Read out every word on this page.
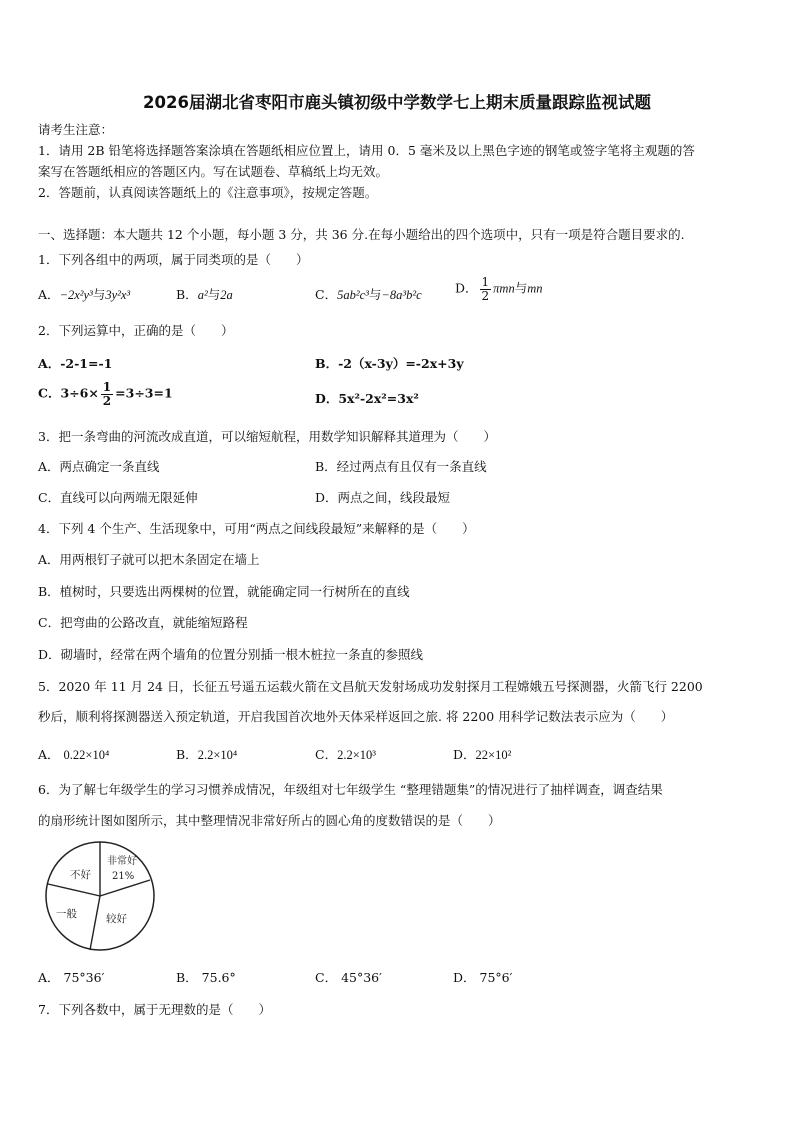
2026届湖北省枣阳市鹿头镇初级中学数学七上期末质量跟踪监视试题
请考生注意：
1．请用 2B 铅笔将选择题答案涂填在答题纸相应位置上，请用 0．5 毫米及以上黑色字迹的钢笔或签字笔将主观题的答
案写在答题纸相应的答题区内。写在试题卷、草稿纸上均无效。
2．答题前，认真阅读答题纸上的《注意事项》，按规定答题。
一、选择题：本大题共 12 个小题，每小题 3 分，共 36 分.在每小题给出的四个选项中，只有一项是符合题目要求的.
1．下列各组中的两项，属于同类项的是（　　）
A．−2x²y³与3y²x³	B．a²与2a	C．5ab²c³与−8a³b²c	D． $\frac{1}{2}$ πmn与mn
2．下列运算中，正确的是（　　）
A．-2-1=-1	B．-2（x-3y）=-2x+3y
C．$3\div 6\times \frac{1}{2} =3\div 3=1$	D．5x²-2x²=3x²
3．把一条弯曲的河流改成直道，可以缩短航程，用数学知识解释其道理为（　　）
A．两点确定一条直线	B．经过两点有且仅有一条直线
C．直线可以向两端无限延伸	D．两点之间，线段最短
4．下列 4 个生产、生活现象中，可用“两点之间线段最短”来解释的是（　　）
A．用两根钉子就可以把木条固定在墙上
B．植树时，只要选出两棵树的位置，就能确定同一行树所在的直线
C．把弯曲的公路改直，就能缩短路程
D．砌墙时，经常在两个墙角的位置分别插一根木桩拉一条直的参照线
5．2020 年 11 月 24 日，长征五号遥五运载火箭在文昌航天发射场成功发射探月工程嫦娥五号探测器，火箭飞行 2200
秒后，顺利将探测器送入预定轨道，开启我国首次地外天体采样返回之旅. 将 2200 用科学记数法表示应为（　　）
A． 0.22×10⁴	B．2.2×10⁴	C．2.2×10³	D．22×10²
6．为了解七年级学生的学习习惯养成情况，年级组对七年级学生 “整理错题集”的情况进行了抽样调查，调查结果
的扇形统计图如图所示，其中整理情况非常好所占的圆心角的度数错误的是（　　）
不好
非常好
21%
一般	较好
A． 75°36′	B． 75.6°	C． 45°36′	D． 75°6′
7．下列各数中，属于无理数的是（　　）
